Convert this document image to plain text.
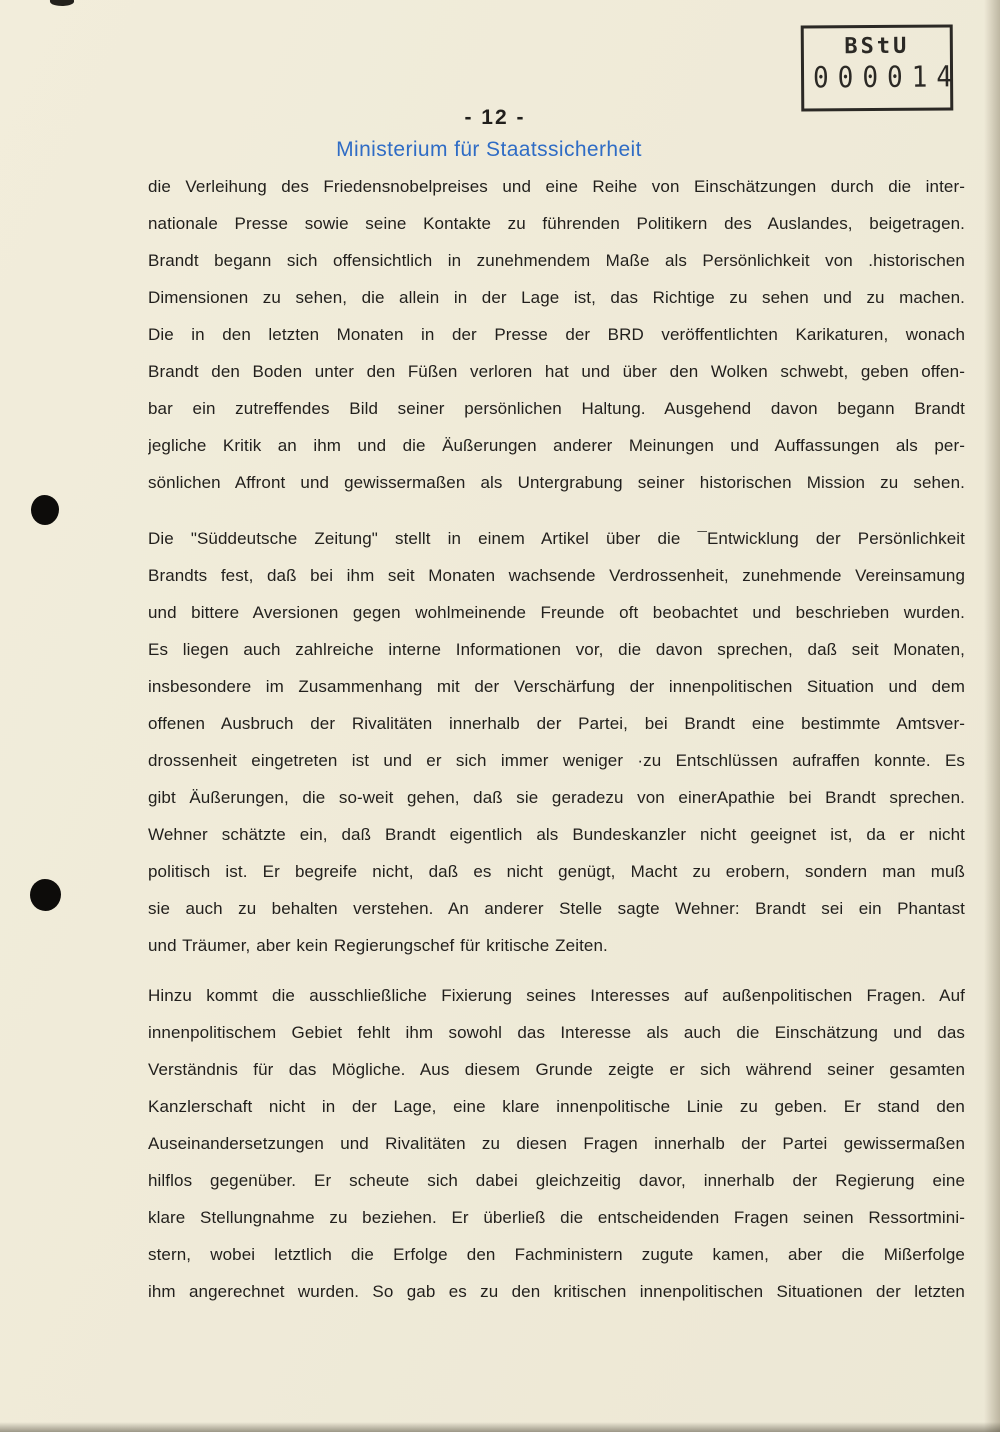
BStU
000014
- 12 -
Ministerium für Staatssicherheit
die Verleihung des Friedensnobelpreises und eine Reihe von Einschätzungen durch die inter-
nationale Presse sowie seine Kontakte zu führenden Politikern des Auslandes, beigetragen.
Brandt begann sich offensichtlich in zunehmendem Maße als Persönlichkeit von .historischen
Dimensionen zu sehen, die allein in der Lage ist, das Richtige zu sehen und zu machen.
Die in den letzten Monaten in der Presse der BRD veröffentlichten Karikaturen, wonach
Brandt den Boden unter den Füßen verloren hat und über den Wolken schwebt, geben offen-
bar ein zutreffendes Bild seiner persönlichen Haltung. Ausgehend davon begann Brandt
jegliche Kritik an ihm und die Äußerungen anderer Meinungen und Auffassungen als per-
sönlichen Affront und gewissermaßen als Untergrabung seiner historischen Mission zu sehen.
Die "Süddeutsche Zeitung" stellt in einem Artikel über die ¯Entwicklung der Persönlichkeit
Brandts fest, daß bei ihm seit Monaten wachsende Verdrossenheit, zunehmende Vereinsamung
und bittere Aversionen gegen wohlmeinende Freunde oft beobachtet und beschrieben wurden.
Es liegen auch zahlreiche interne Informationen vor, die davon sprechen, daß seit Monaten,
insbesondere im Zusammenhang mit der Verschärfung der innenpolitischen Situation und dem
offenen Ausbruch der Rivalitäten innerhalb der Partei, bei Brandt eine bestimmte Amtsver-
drossenheit eingetreten ist und er sich immer weniger ·zu Entschlüssen aufraffen konnte. Es
gibt Äußerungen, die so-weit gehen, daß sie geradezu von einerApathie bei Brandt sprechen.
Wehner schätzte ein, daß Brandt eigentlich als Bundeskanzler nicht geeignet ist, da er nicht
politisch ist. Er begreife nicht, daß es nicht genügt, Macht zu erobern, sondern man muß
sie auch zu behalten verstehen. An anderer Stelle sagte Wehner: Brandt sei ein Phantast
und Träumer, aber kein Regierungschef für kritische Zeiten.
Hinzu kommt die ausschließliche Fixierung seines Interesses auf außenpolitischen Fragen. Auf
innenpolitischem Gebiet fehlt ihm sowohl das Interesse als auch die Einschätzung und das
Verständnis für das Mögliche. Aus diesem Grunde zeigte er sich während seiner gesamten
Kanzlerschaft nicht in der Lage, eine klare innenpolitische Linie zu geben. Er stand den
Auseinandersetzungen und Rivalitäten zu diesen Fragen innerhalb der Partei gewissermaßen
hilflos gegenüber. Er scheute sich dabei gleichzeitig davor, innerhalb der Regierung eine
klare Stellungnahme zu beziehen. Er überließ die entscheidenden Fragen seinen Ressortmini-
stern, wobei letztlich die Erfolge den Fachministern zugute kamen, aber die Mißerfolge
ihm angerechnet wurden. So gab es zu den kritischen innenpolitischen Situationen der letzten
